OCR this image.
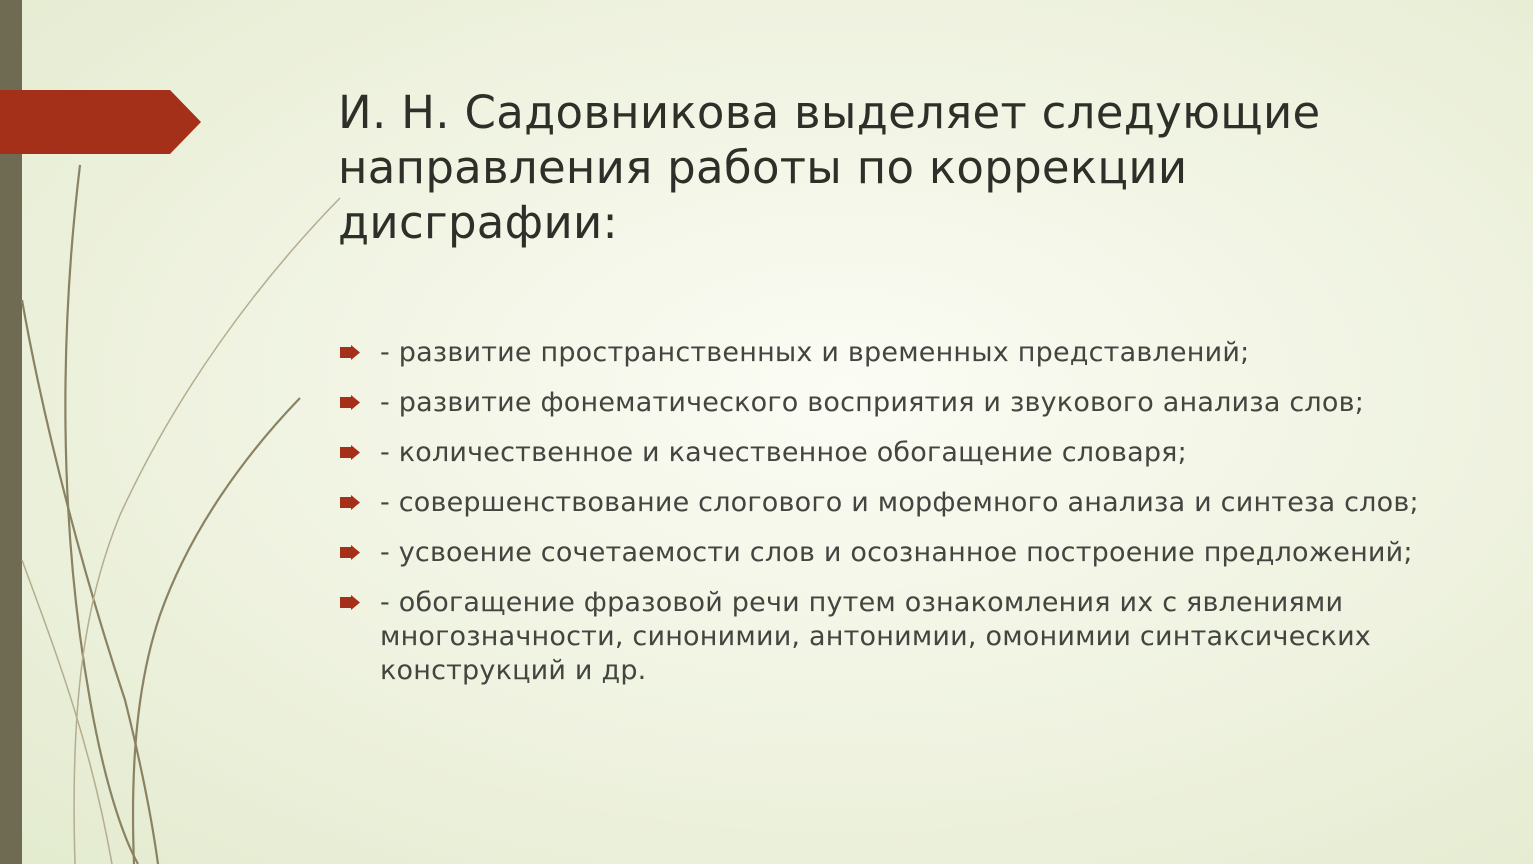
И. Н. Садовникова выделяет следующие направления работы по коррекции дисграфии:
- развитие пространственных и временных представлений;
- развитие фонематического восприятия и звукового анализа слов;
- количественное и качественное обогащение словаря;
- совершенствование слогового и морфемного анализа и синтеза слов;
- усвоение сочетаемости слов и осознанное построение предложений;
- обогащение фразовой речи путем ознакомления их с явлениями многозначности, синонимии, антонимии, омонимии синтаксических конструкций и др.
